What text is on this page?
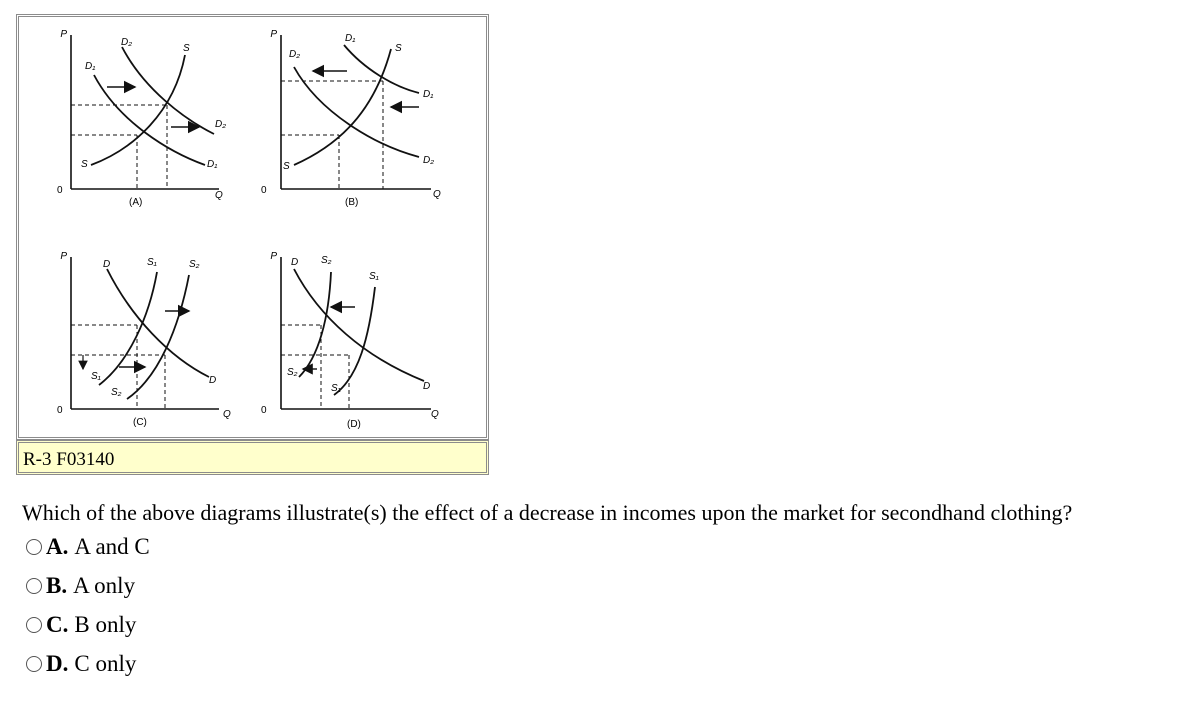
P
Q
0
D₂
D₁
S
D₂
D₁
S
(A)
P
Q
0
D₂
D₁
S
D₁
D₂
S
(B)
P
Q
0
D	S₁	S₂
D
S₁
S₂
(C)
P
Q
0
D S₂
S₁
D
S₂
S₁
(D)
R-3 F03140
Which of the above diagrams illustrate(s) the effect of a decrease in incomes upon the market for secondhand clothing?
A. A and C
B. A only
C. B only
D. C only
